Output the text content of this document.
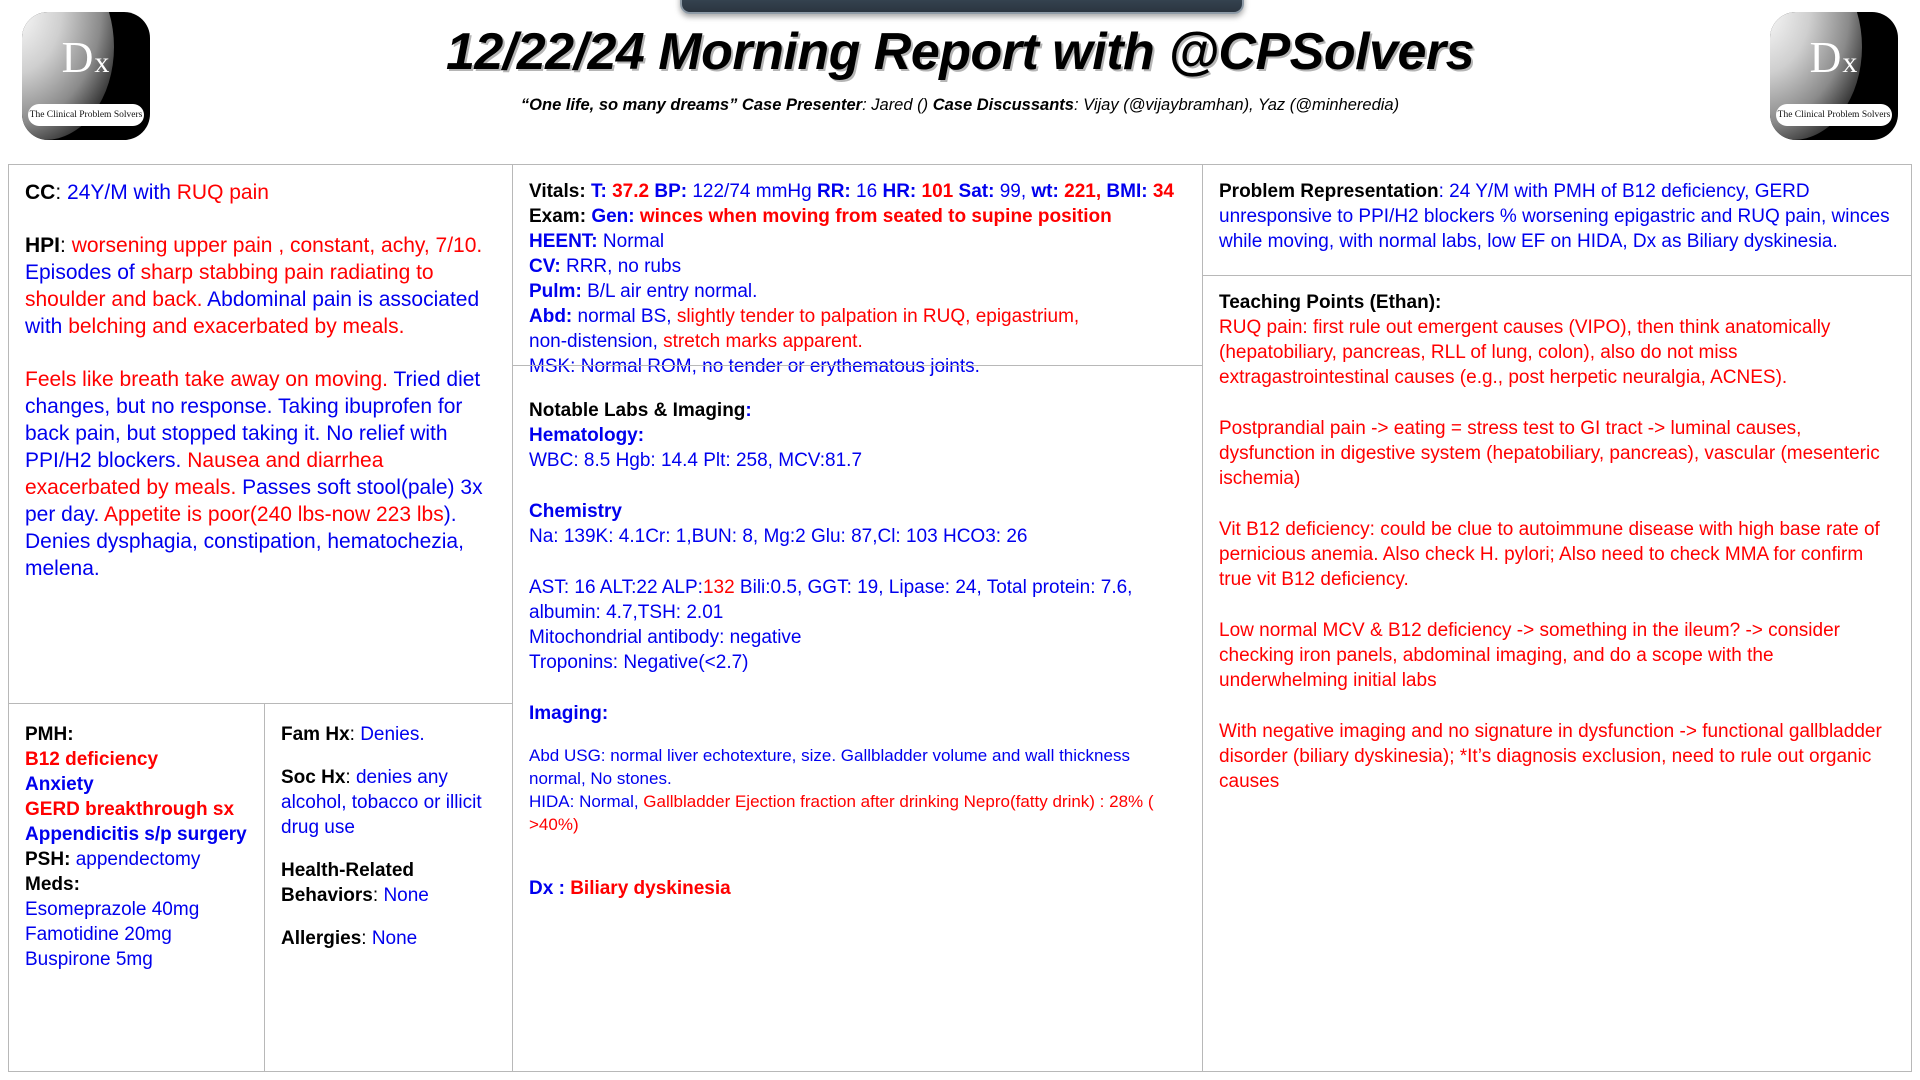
Dx
The Clinical Problem Solvers
Dx
The Clinical Problem Solvers
12/22/24 Morning Report with @CPSolvers
“One life, so many dreams” Case Presenter: Jared () Case Discussants: Vijay (@vijaybramhan), Yaz (@minheredia)

CC: 24Y/M with RUQ pain

HPI: worsening upper pain , constant, achy, 7/10. Episodes of sharp stabbing pain radiating to shoulder and back. Abdominal pain is associated with belching and exacerbated by meals.

Feels like breath take away on moving. Tried diet changes, but no response. Taking ibuprofen for back pain, but stopped taking it. No relief with PPI/H2 blockers. Nausea and diarrhea exacerbated by meals. Passes soft stool(pale) 3x per day. Appetite is poor(240 lbs-now 223 lbs). Denies dysphagia, constipation, hematochezia, melena.

PMH:

B12 deficiency

Anxiety

GERD breakthrough sx

Appendicitis s/p surgery

PSH: appendectomy

Meds:

Esomeprazole 40mg

Famotidine 20mg

Buspirone 5mg

Fam Hx: Denies.

Soc Hx: denies any alcohol, tobacco or illicit drug use

Health-Related Behaviors: None

Allergies: None

Vitals: T: 37.2 BP: 122/74 mmHg RR: 16 HR: 101 Sat: 99, wt: 221, BMI: 34

Exam: Gen: winces when moving from seated to supine position

HEENT: Normal

CV: RRR, no rubs

Pulm: B/L air entry normal.

Abd: normal BS, slightly tender to palpation in RUQ, epigastrium,

non-distension, stretch marks apparent.

MSK: Normal ROM, no tender or erythematous joints.

Notable Labs & Imaging:

Hematology:

WBC: 8.5 Hgb: 14.4 Plt: 258, MCV:81.7

Chemistry

Na: 139K: 4.1Cr: 1,BUN: 8, Mg:2 Glu: 87,Cl: 103 HCO3: 26

AST: 16 ALT:22 ALP:132 Bili:0.5, GGT: 19, Lipase: 24, Total protein: 7.6, albumin: 4.7,TSH: 2.01

Mitochondrial antibody: negative

Troponins: Negative(<2.7)

Imaging:

Abd USG: normal liver echotexture, size. Gallbladder volume and wall thickness normal, No stones.

HIDA: Normal, Gallbladder Ejection fraction after drinking Nepro(fatty drink) : 28% ( >40%)

Dx : Biliary dyskinesia

Problem Representation: 24 Y/M with PMH of B12 deficiency, GERD unresponsive to PPI/H2 blockers % worsening epigastric and RUQ pain, winces while moving, with normal labs, low EF on HIDA, Dx as Biliary dyskinesia.

Teaching Points (Ethan):

RUQ pain: first rule out emergent causes (VIPO), then think anatomically (hepatobiliary, pancreas, RLL of lung, colon), also do not miss extragastrointestinal causes (e.g., post herpetic neuralgia, ACNES).

Postprandial pain -> eating = stress test to GI tract -> luminal causes, dysfunction in digestive system (hepatobiliary, pancreas), vascular (mesenteric ischemia)

Vit B12 deficiency: could be clue to autoimmune disease with high base rate of pernicious anemia. Also check H. pylori; Also need to check MMA for confirm true vit B12 deficiency.

Low normal MCV & B12 deficiency -> something in the ileum? -> consider checking iron panels, abdominal imaging, and do a scope with the underwhelming initial labs

With negative imaging and no signature in dysfunction -> functional gallbladder disorder (biliary dyskinesia); *It’s diagnosis exclusion, need to rule out organic causes
